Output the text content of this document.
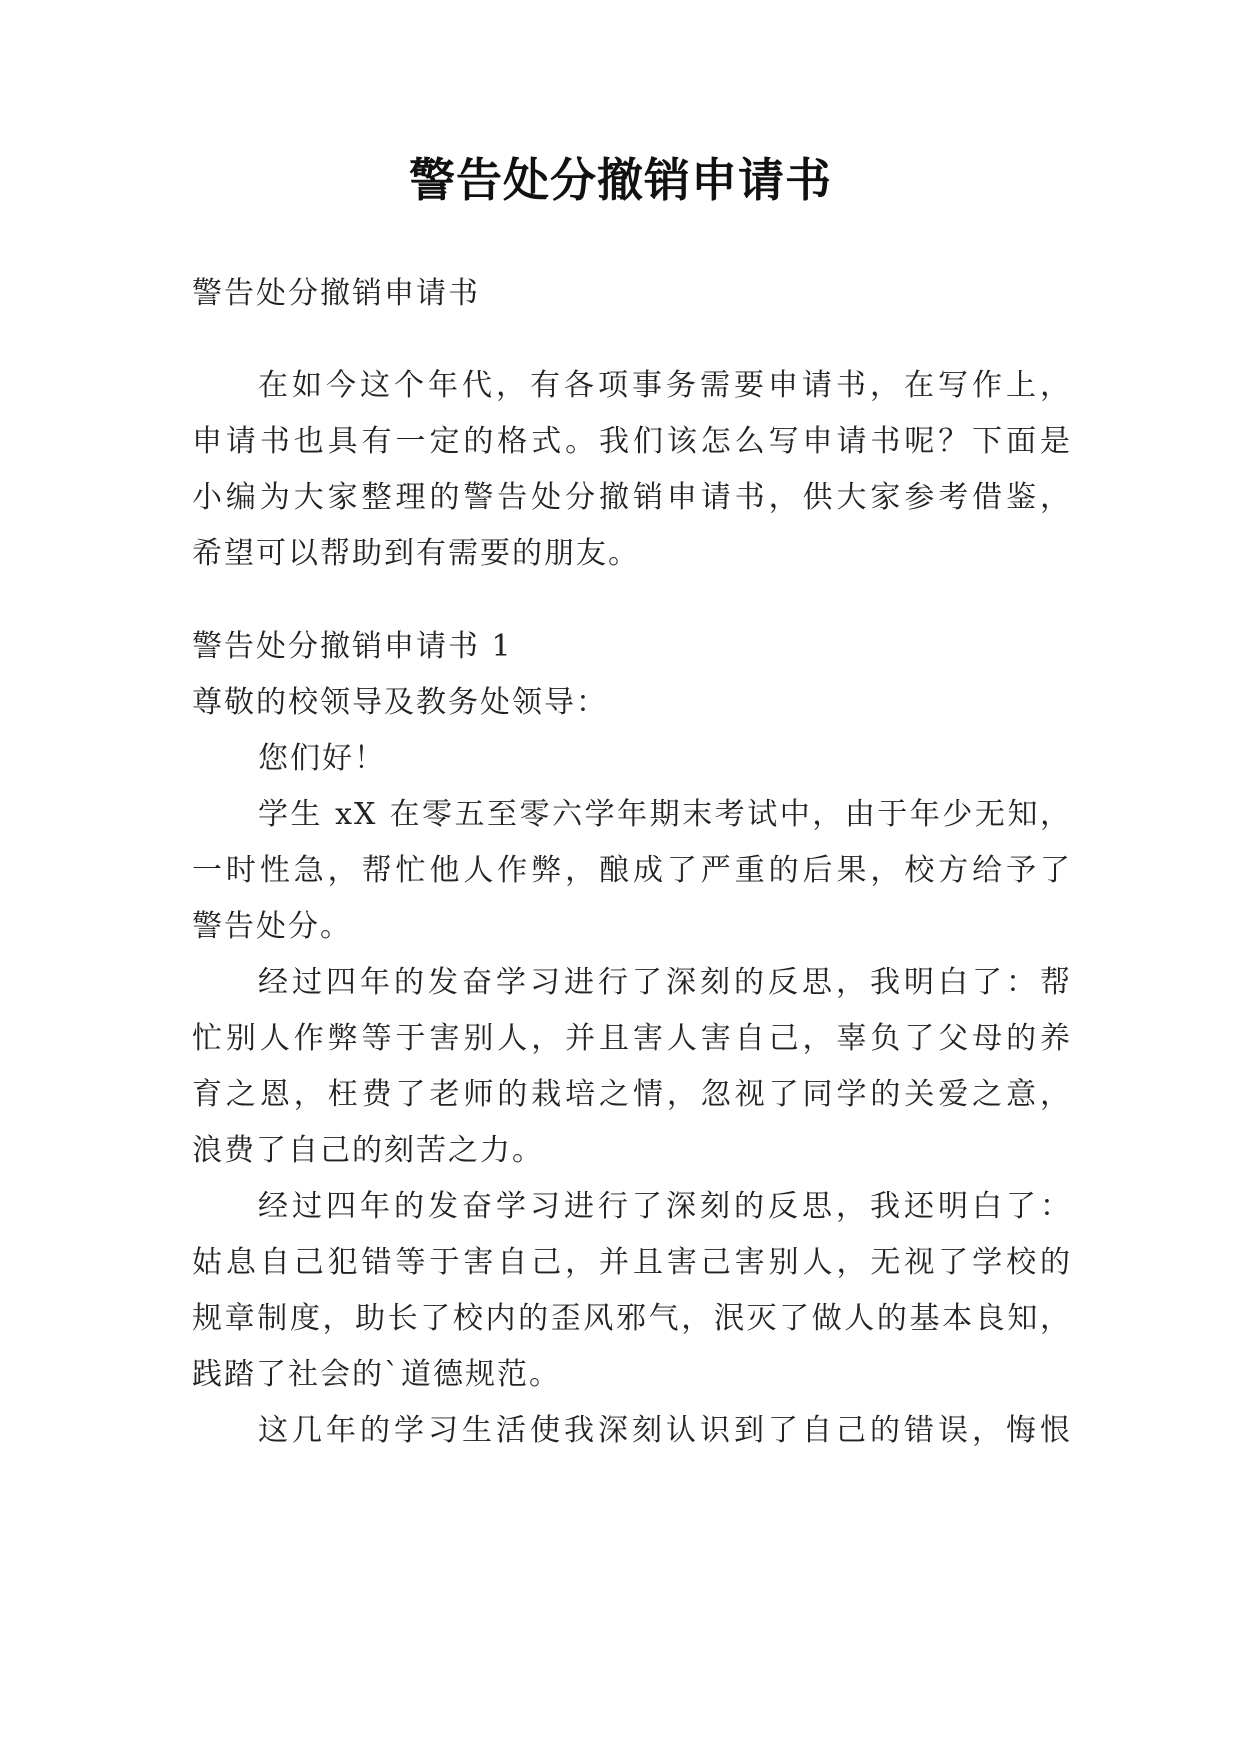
警告处分撤销申请书
警告处分撤销申请书
在如今这个年代，有各项事务需要申请书，在写作上，
申请书也具有一定的格式。我们该怎么写申请书呢？下面是
小编为大家整理的警告处分撤销申请书，供大家参考借鉴，
希望可以帮助到有需要的朋友。
警告处分撤销申请书 1
尊敬的校领导及教务处领导：
您们好！
学生 xX 在零五至零六学年期末考试中，由于年少无知，
一时性急，帮忙他人作弊，酿成了严重的后果，校方给予了
警告处分。
经过四年的发奋学习进行了深刻的反思，我明白了：帮
忙别人作弊等于害别人，并且害人害自己，辜负了父母的养
育之恩，枉费了老师的栽培之情，忽视了同学的关爱之意，
浪费了自己的刻苦之力。
经过四年的发奋学习进行了深刻的反思，我还明白了：
姑息自己犯错等于害自己，并且害己害别人，无视了学校的
规章制度，助长了校内的歪风邪气，泯灭了做人的基本良知，
践踏了社会的`道德规范。
这几年的学习生活使我深刻认识到了自己的错误，悔恨
